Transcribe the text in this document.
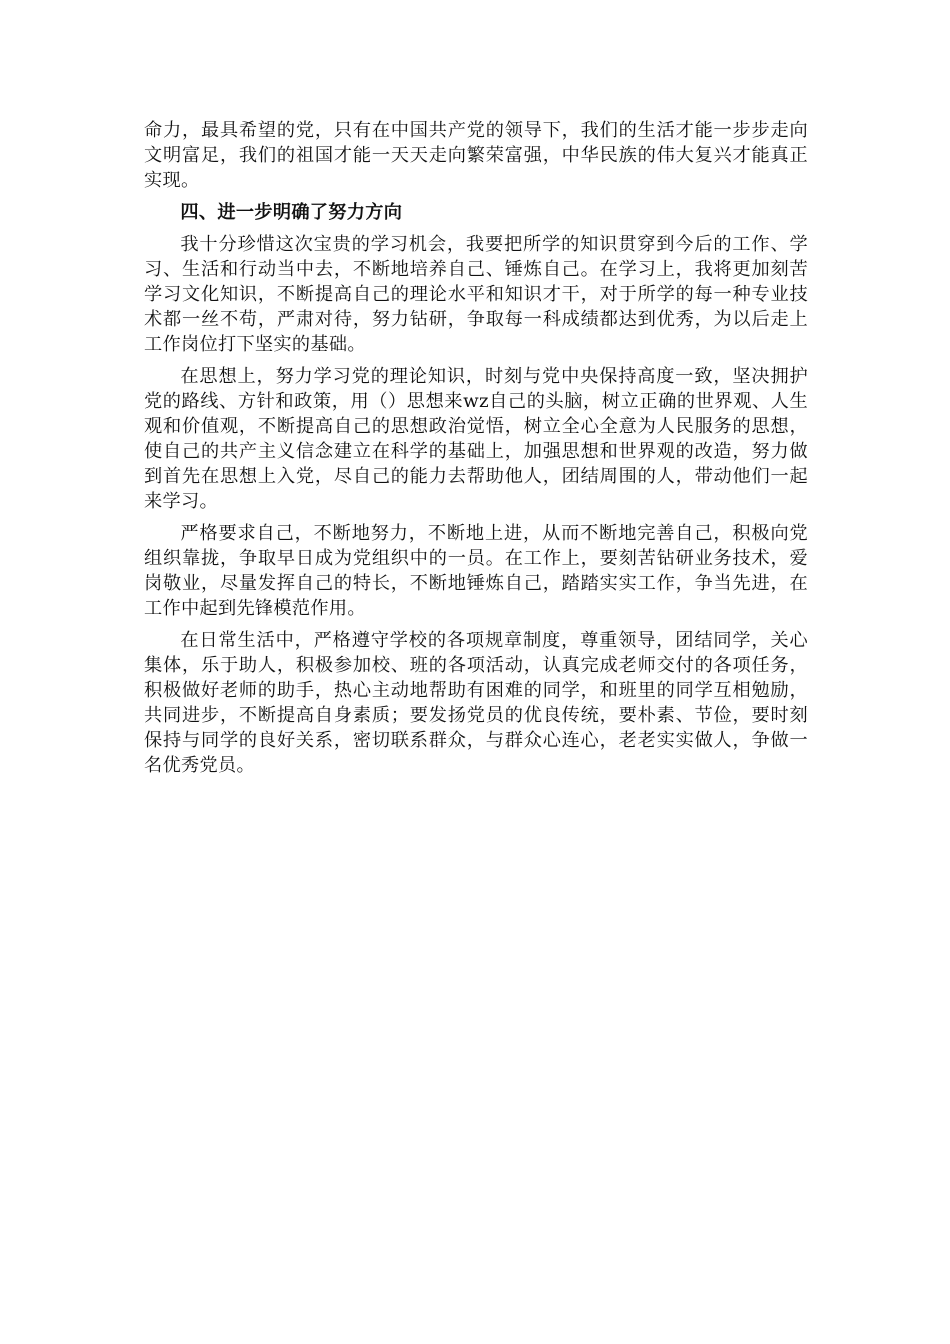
命力，最具希望的党，只有在中国共产党的领导下，我们的生活才能一步步走向文明富足，我们的祖国才能一天天走向繁荣富强，中华民族的伟大复兴才能真正实现。

四、进一步明确了努力方向

我十分珍惜这次宝贵的学习机会，我要把所学的知识贯穿到今后的工作、学习、生活和行动当中去，不断地培养自己、锤炼自己。在学习上，我将更加刻苦学习文化知识，不断提高自己的理论水平和知识才干，对于所学的每一种专业技术都一丝不苟，严肃对待，努力钻研，争取每一科成绩都达到优秀，为以后走上工作岗位打下坚实的基础。

在思想上，努力学习党的理论知识，时刻与党中央保持高度一致，坚决拥护党的路线、方针和政策，用（）思想来wz自己的头脑，树立正确的世界观、人生观和价值观，不断提高自己的思想政治觉悟，树立全心全意为人民服务的思想，使自己的共产主义信念建立在科学的基础上，加强思想和世界观的改造，努力做到首先在思想上入党，尽自己的能力去帮助他人，团结周围的人，带动他们一起来学习。

严格要求自己，不断地努力，不断地上进，从而不断地完善自己，积极向党组织靠拢，争取早日成为党组织中的一员。在工作上，要刻苦钻研业务技术，爱岗敬业，尽量发挥自己的特长，不断地锤炼自己，踏踏实实工作，争当先进，在工作中起到先锋模范作用。

在日常生活中，严格遵守学校的各项规章制度，尊重领导，团结同学，关心集体，乐于助人，积极参加校、班的各项活动，认真完成老师交付的各项任务，积极做好老师的助手，热心主动地帮助有困难的同学，和班里的同学互相勉励，共同进步，不断提高自身素质；要发扬党员的优良传统，要朴素、节俭，要时刻保持与同学的良好关系，密切联系群众，与群众心连心，老老实实做人，争做一名优秀党员。
